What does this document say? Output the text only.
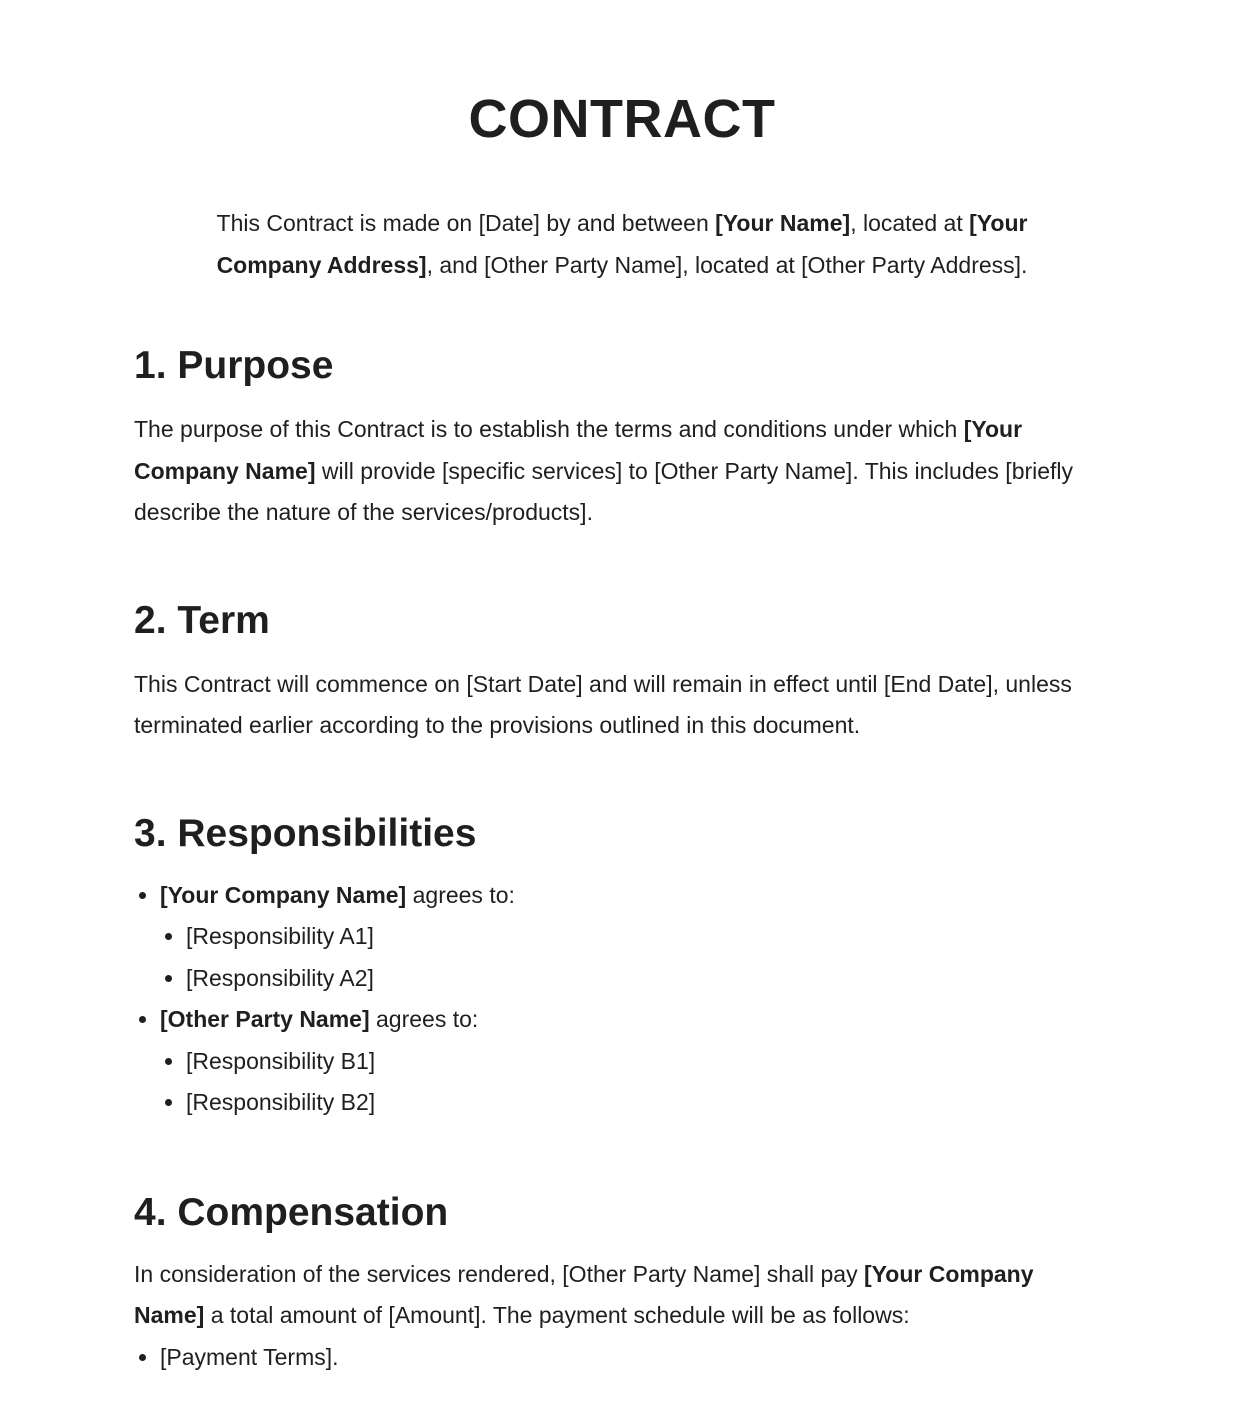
CONTRACT

This Contract is made on [Date] by and between [Your Name], located at [Your Company Address], and [Other Party Name], located at [Other Party Address].

1. Purpose

The purpose of this Contract is to establish the terms and conditions under which [Your Company Name] will provide [specific services] to [Other Party Name]. This includes [briefly describe the nature of the services/products].

2. Term

This Contract will commence on [Start Date] and will remain in effect until [End Date], unless terminated earlier according to the provisions outlined in this document.

3. Responsibilities
• [Your Company Name] agrees to:
• [Responsibility A1]
• [Responsibility A2]
• [Other Party Name] agrees to:
• [Responsibility B1]
• [Responsibility B2]
4. Compensation

In consideration of the services rendered, [Other Party Name] shall pay [Your Company Name] a total amount of [Amount]. The payment schedule will be as follows:

• [Payment Terms].
